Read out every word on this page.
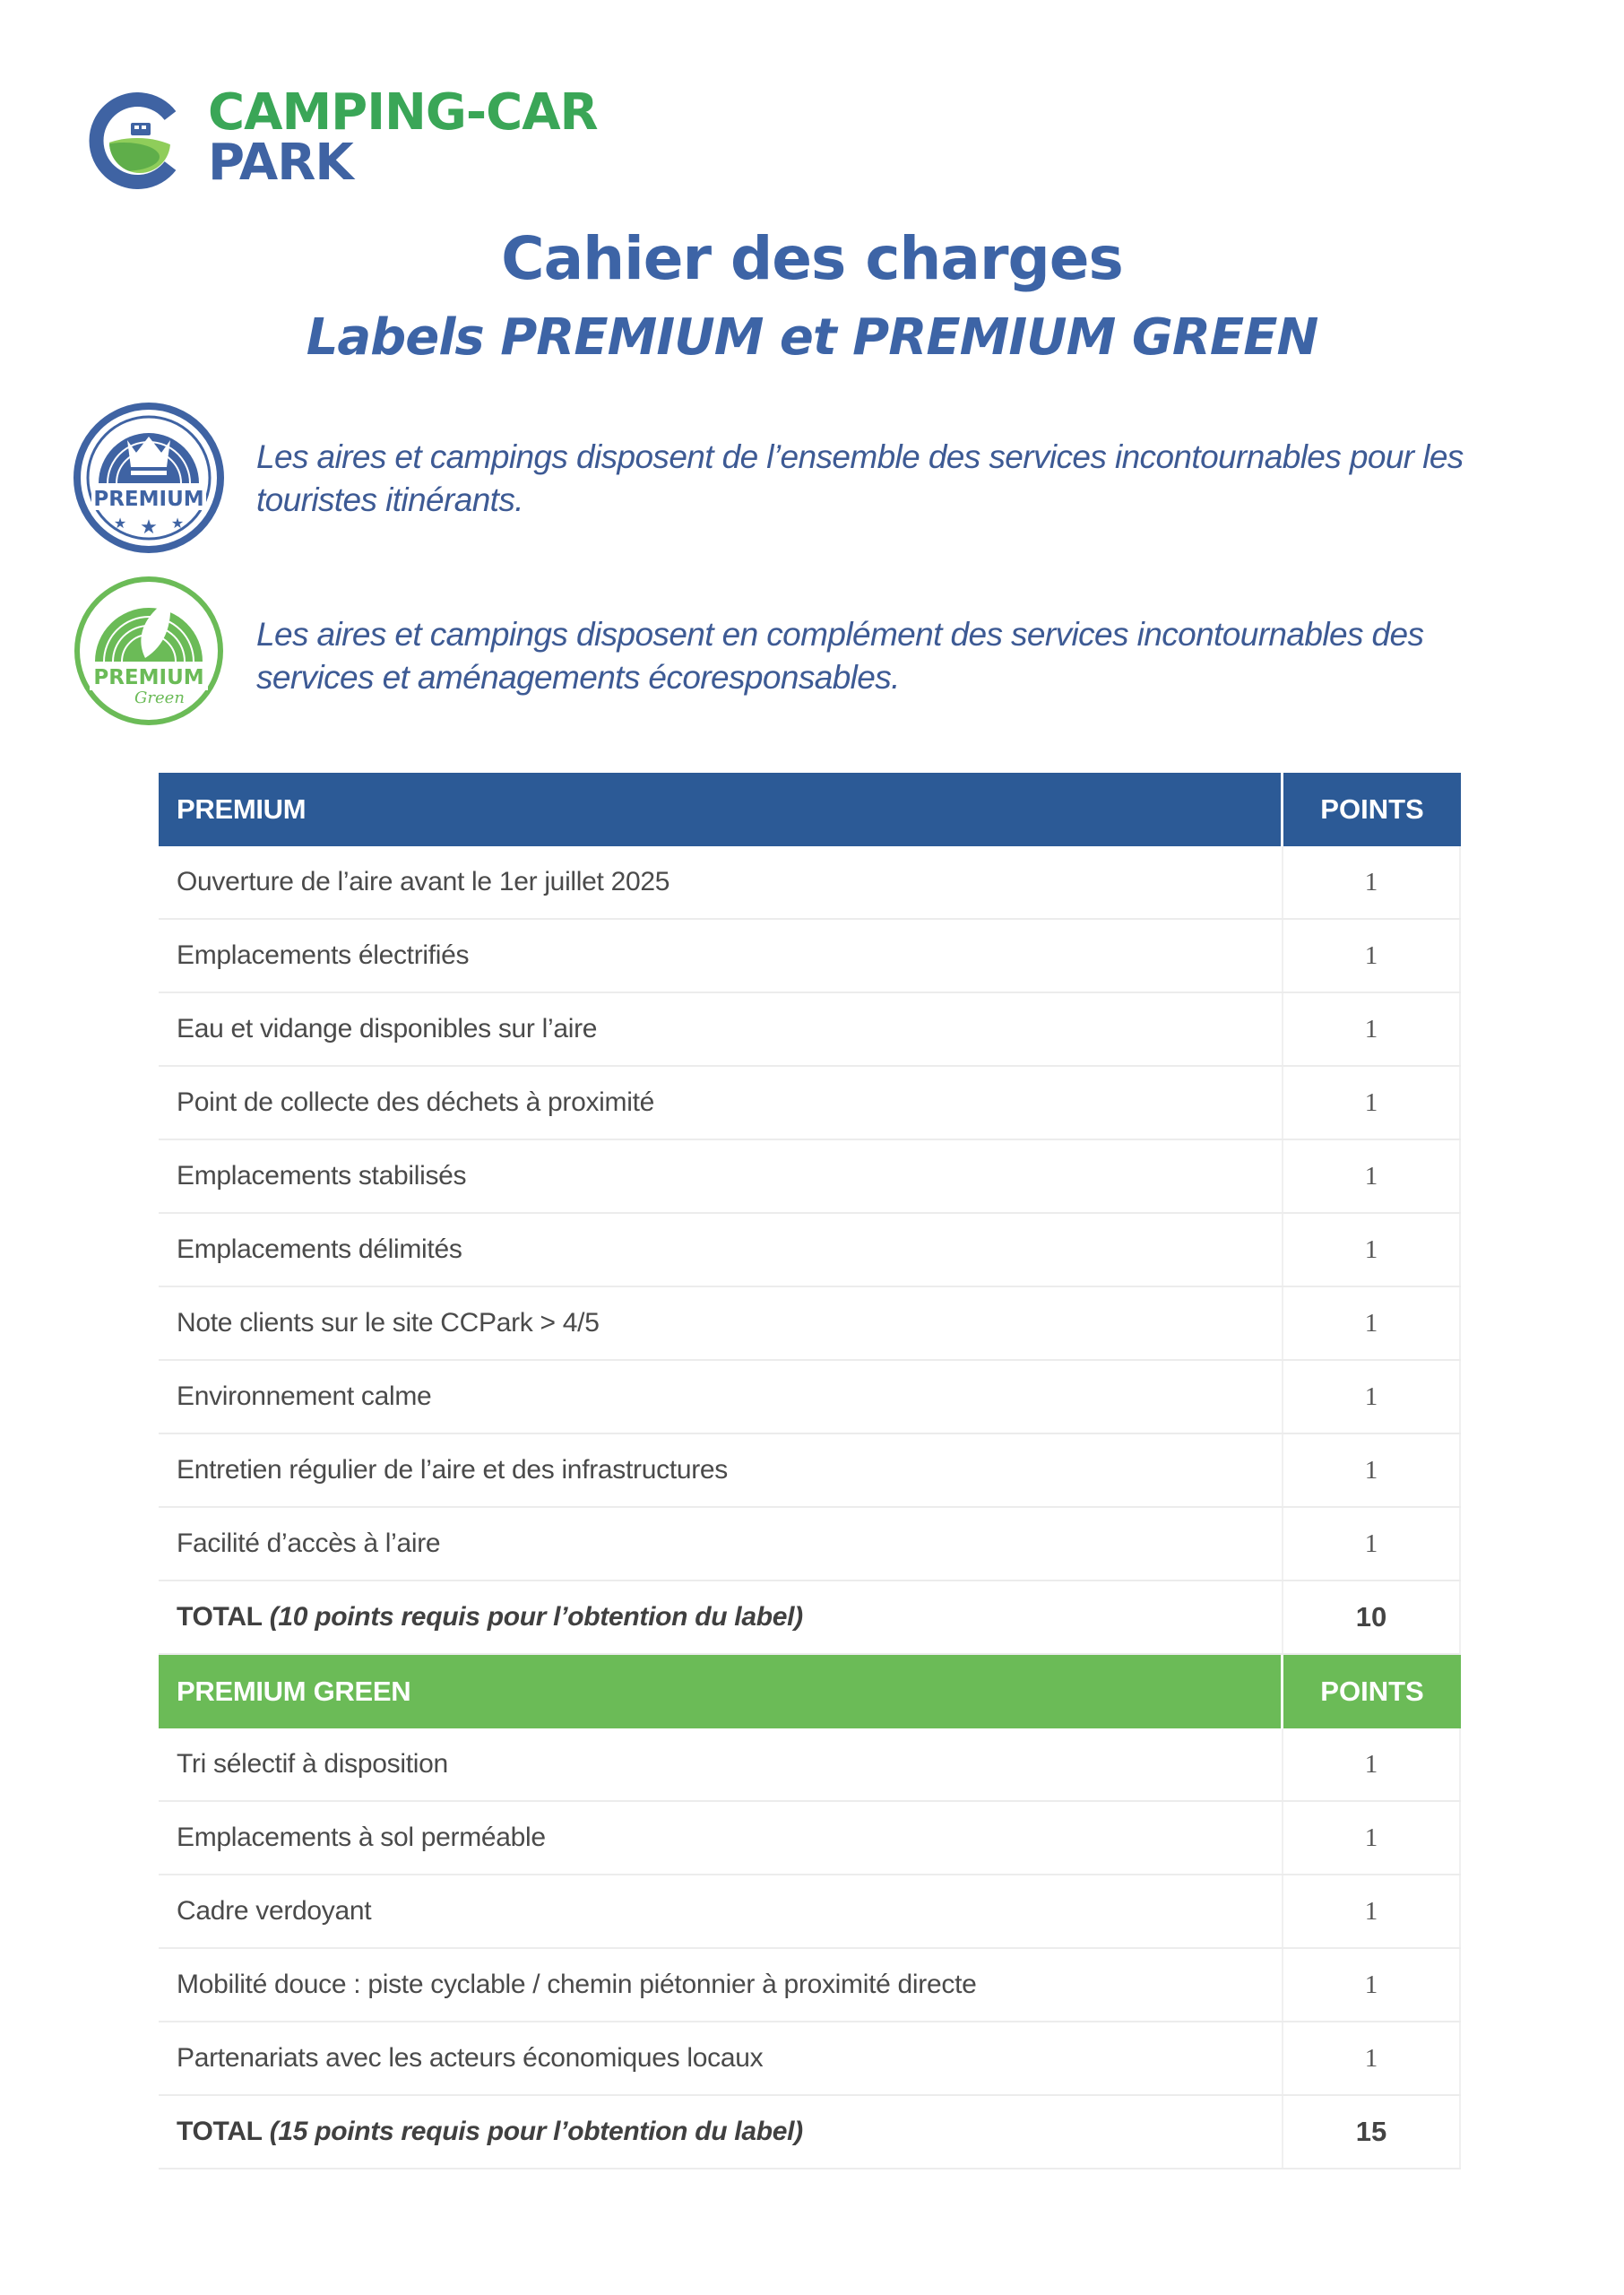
CAMPING-CAR
PARK
Cahier des charges
Labels PREMIUM et PREMIUM GREEN
PREMIUM
★ ★ ★
Les aires et campings disposent de l’ensemble des services incontournables pour les touristes itinérants.
PREMIUM
Green
Les aires et campings disposent en complément des services incontournables des services et aménagements écoresponsables.
PREMIUM	POINTS
Ouverture de l’aire avant le 1er juillet 2025	1
Emplacements électrifiés	1
Eau et vidange disponibles sur l’aire	1
Point de collecte des déchets à proximité	1
Emplacements stabilisés	1
Emplacements délimités	1
Note clients sur le site CCPark > 4/5	1
Environnement calme	1
Entretien régulier de l’aire et des infrastructures	1
Facilité d’accès à l’aire	1
TOTAL (10 points requis pour l’obtention du label)	10
PREMIUM GREEN	POINTS
Tri sélectif à disposition	1
Emplacements à sol perméable	1
Cadre verdoyant	1
Mobilité douce : piste cyclable / chemin piétonnier à proximité directe	1
Partenariats avec les acteurs économiques locaux	1
TOTAL (15 points requis pour l’obtention du label)	15
